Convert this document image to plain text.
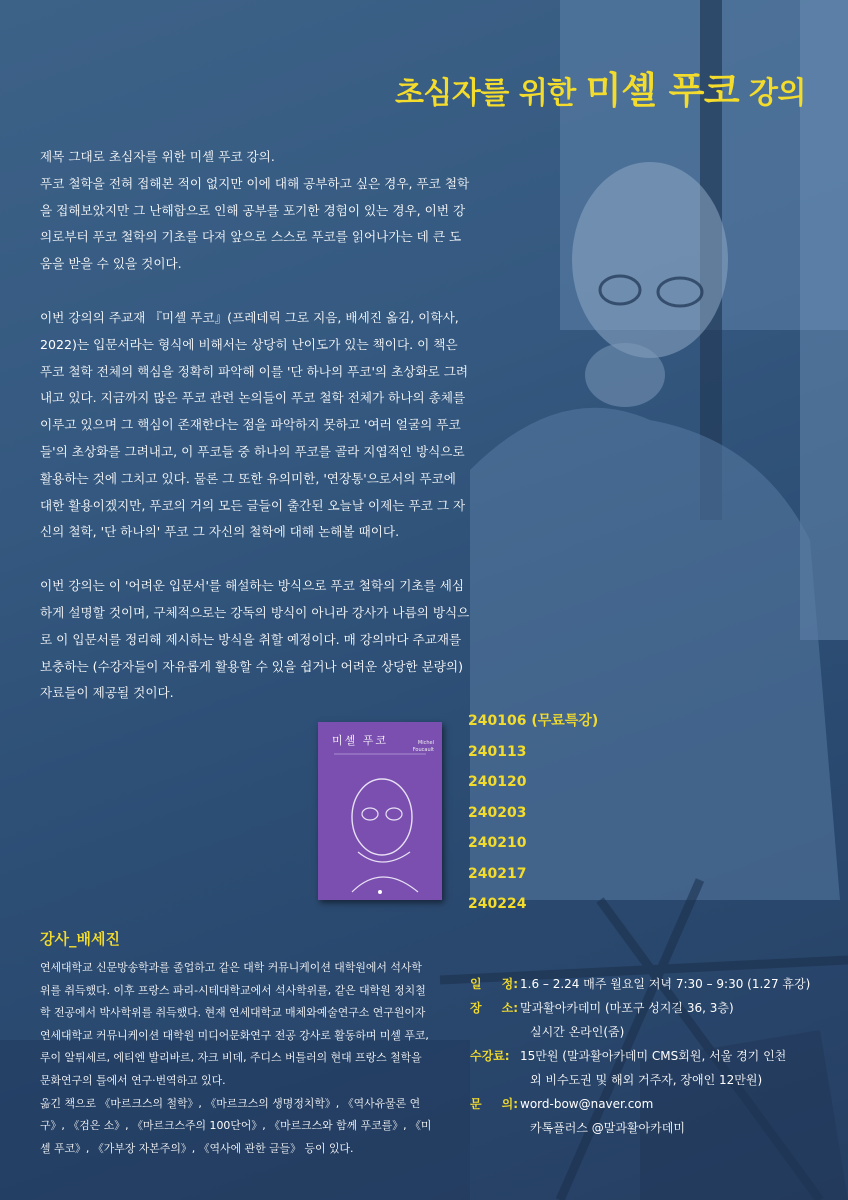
초심자를 위한 미셸 푸코 강의

제목 그대로 초심자를 위한 미셸 푸코 강의.
푸코 철학을 전혀 접해본 적이 없지만 이에 대해 공부하고 싶은 경우, 푸코 철학을 접해보았지만 그 난해함으로 인해 공부를 포기한 경험이 있는 경우, 이번 강의로부터 푸코 철학의 기초를 다져 앞으로 스스로 푸코를 읽어나가는 데 큰 도움을 받을 수 있을 것이다.

이번 강의의 주교재 『미셸 푸코』(프레데릭 그로 지음, 배세진 옮김, 이학사, 2022)는 입문서라는 형식에 비해서는 상당히 난이도가 있는 책이다. 이 책은 푸코 철학 전체의 핵심을 정확히 파악해 이를 '단 하나의 푸코'의 초상화로 그려내고 있다. 지금까지 많은 푸코 관련 논의들이 푸코 철학 전체가 하나의 총체를 이루고 있으며 그 핵심이 존재한다는 점을 파악하지 못하고 '여러 얼굴의 푸코들'의 초상화를 그려내고, 이 푸코들 중 하나의 푸코를 골라 지엽적인 방식으로 활용하는 것에 그치고 있다. 물론 그 또한 유의미한, '연장통'으로서의 푸코에 대한 활용이겠지만, 푸코의 거의 모든 글들이 출간된 오늘날 이제는 푸코 그 자신의 철학, '단 하나의' 푸코 그 자신의 철학에 대해 논해볼 때이다.

이번 강의는 이 '어려운 입문서'를 해설하는 방식으로 푸코 철학의 기초를 세심하게 설명할 것이며, 구체적으로는 강독의 방식이 아니라 강사가 나름의 방식으로 이 입문서를 정리해 제시하는 방식을 취할 예정이다. 매 강의마다 주교재를 보충하는 (수강자들이 자유롭게 활용할 수 있을 쉽거나 어려운 상당한 분량의) 자료들이 제공될 것이다.

미셸 푸코	Michel
Foucault
240106 (무료특강)
240113
240120
240203
240210
240217
240224
강사_배세진

연세대학교 신문방송학과를 졸업하고 같은 대학 커뮤니케이션 대학원에서 석사학위를 취득했다. 이후 프랑스 파리-시테대학교에서 석사학위를, 같은 대학원 정치철학 전공에서 박사학위를 취득했다. 현재 연세대학교 매체와예술연구소 연구원이자 연세대학교 커뮤니케이션 대학원 미디어문화연구 전공 강사로 활동하며 미셸 푸코, 루이 알튀세르, 에티엔 발리바르, 자크 비데, 주디스 버틀러의 현대 프랑스 철학을 문화연구의 틀에서 연구·번역하고 있다.
옮긴 책으로 《마르크스의 철학》, 《마르크스의 생명정치학》, 《역사유물론 연구》, 《검은 소》, 《마르크스주의 100단어》, 《마르크스와 함께 푸코를》, 《미셸 푸코》, 《가부장 자본주의》, 《역사에 관한 글들》 등이 있다.

일 정: 1.6 – 2.24 매주 월요일 저녁 7:30 – 9:30 (1.27 휴강)
장 소: 말과활아카데미 (마포구 성지길 36, 3층)
실시간 온라인(줌)
수강료: 15만원 (말과활아카데미 CMS회원, 서울 경기 인천
외 비수도권 및 해외 거주자, 장애인 12만원)
문 의: word-bow@naver.com
카톡플러스 @말과활아카데미
